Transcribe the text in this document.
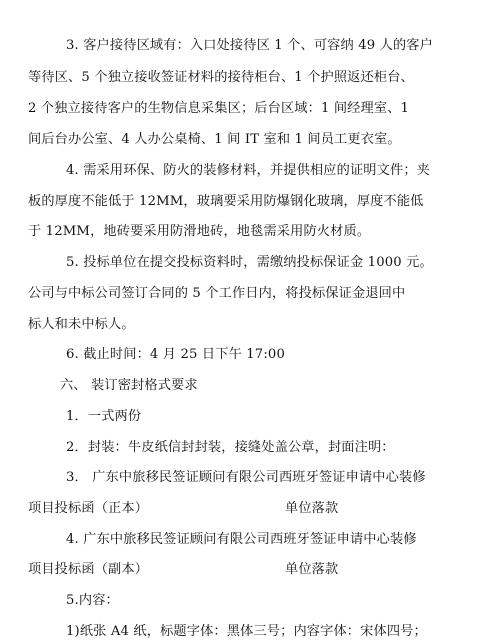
3. 客户接待区域有：入口处接待区 1 个、可容纳 49 人的客户
等待区、5 个独立接收签证材料的接待柜台、1 个护照返还柜台、
2 个独立接待客户的生物信息采集区；后台区域：1 间经理室、1
间后台办公室、4 人办公桌椅、1 间 IT 室和 1 间员工更衣室。
4. 需采用环保、防火的装修材料，并提供相应的证明文件；夹
板的厚度不能低于 12MM，玻璃要采用防爆钢化玻璃，厚度不能低
于 12MM，地砖要采用防滑地砖，地毯需采用防火材质。
5. 投标单位在提交投标资料时，需缴纳投标保证金 1000 元。
公司与中标公司签订合同的 5 个工作日内，将投标保证金退回中
标人和未中标人。
6. 截止时间：4 月 25 日下午 17:00
六、 装订密封格式要求
1．一式两份
2．封装：牛皮纸信封封装，接缝处盖公章，封面注明：
3． 广东中旅移民签证顾问有限公司西班牙签证申请中心装修
项目投标函（正本）	单位落款
4. 广东中旅移民签证顾问有限公司西班牙签证申请中心装修
项目投标函（副本）	单位落款
5.内容：
1)纸张 A4 纸，标题字体：黑体三号；内容字体：宋体四号；
